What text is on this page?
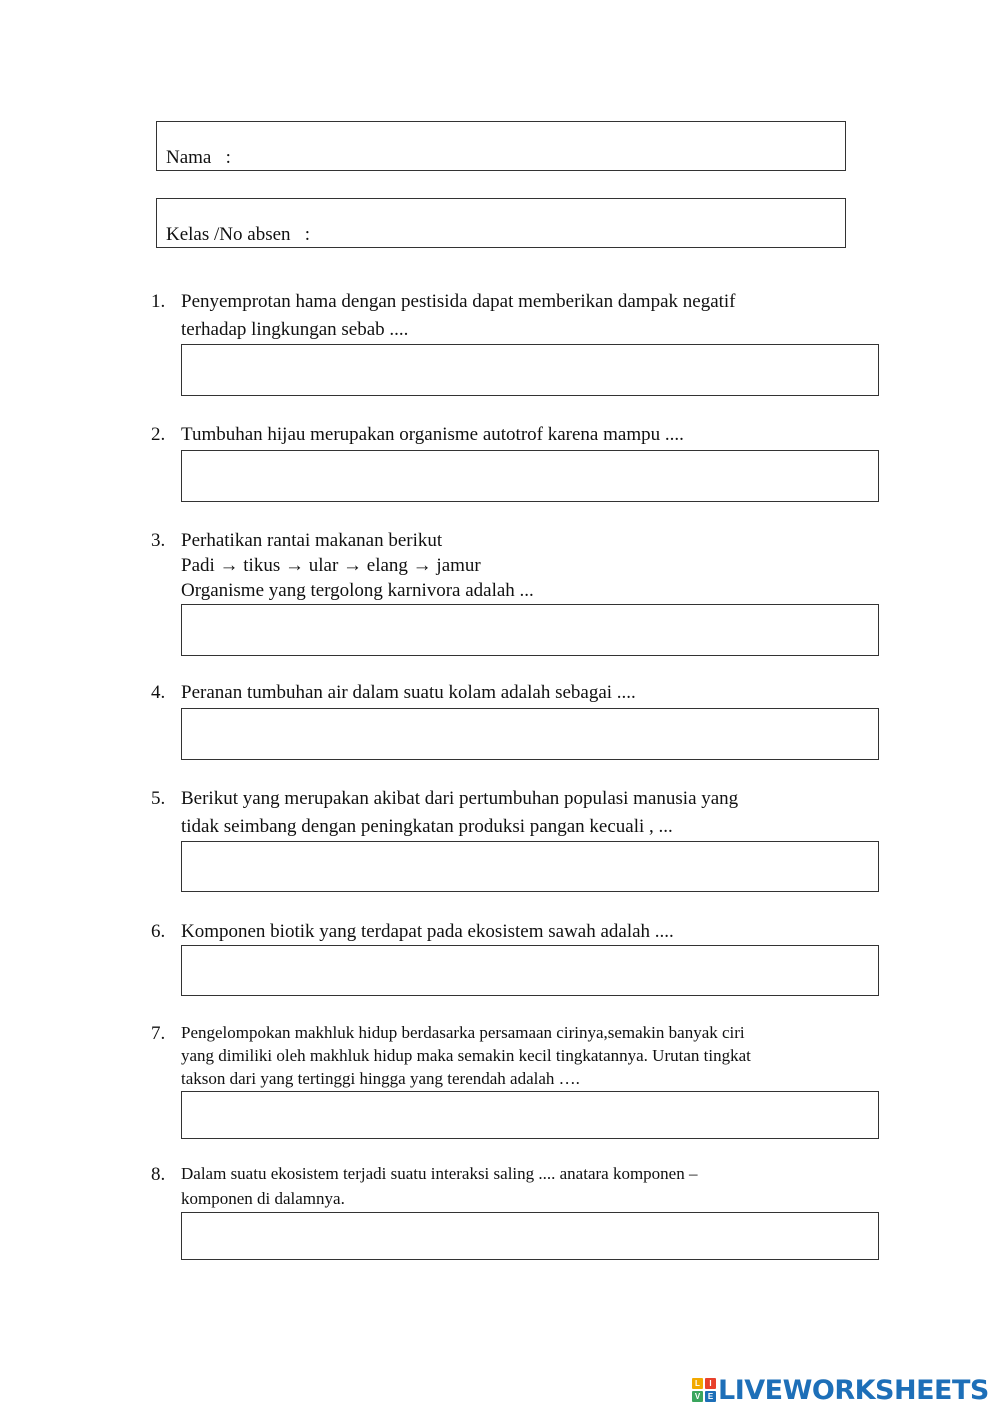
Nama   :
Kelas /No absen   :
1. Penyemprotan hama dengan pestisida dapat memberikan dampak negatif
terhadap lingkungan sebab ....
2. Tumbuhan hijau merupakan organisme autotrof karena mampu ....
3. Perhatikan rantai makanan berikut
Padi → tikus → ular → elang → jamur
Organisme yang tergolong karnivora adalah ...
4. Peranan tumbuhan air dalam suatu kolam adalah sebagai ....
5. Berikut yang merupakan akibat dari pertumbuhan populasi manusia yang
tidak seimbang dengan peningkatan produksi pangan kecuali , ...
6. Komponen biotik yang terdapat pada ekosistem sawah adalah ....
7. Pengelompokan makhluk hidup berdasarka persamaan cirinya,semakin banyak ciri
yang dimiliki oleh makhluk hidup maka semakin kecil tingkatannya. Urutan tingkat
takson dari yang tertinggi hingga yang terendah adalah ….
8. Dalam suatu ekosistem terjadi suatu interaksi saling .... anatara komponen –
komponen di dalamnya.
L	I
V E LIVEWORKSHEETS
